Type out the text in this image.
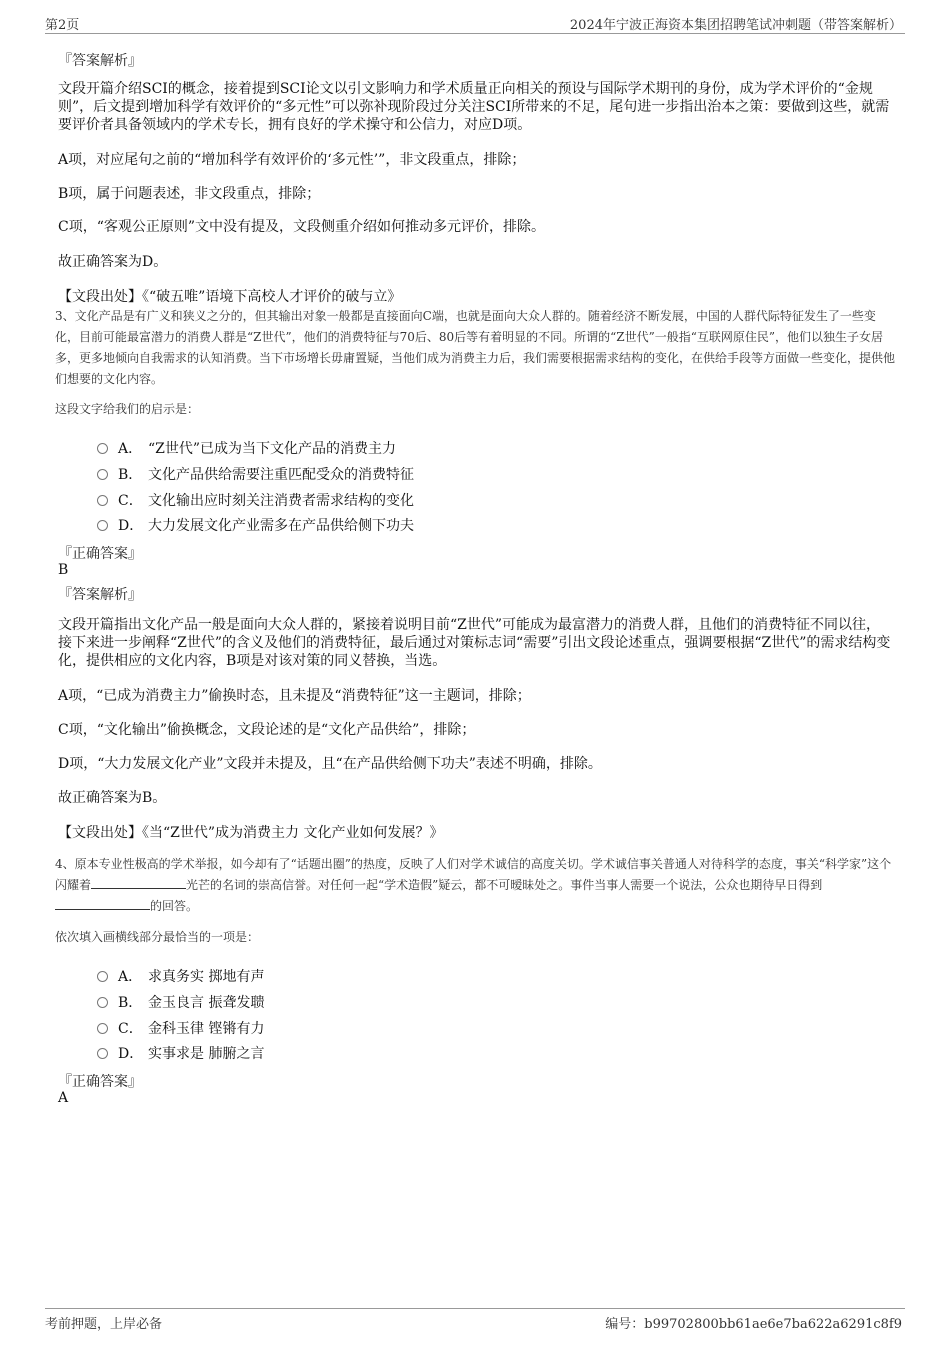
第2页	2024年宁波正海资本集团招聘笔试冲刺题（带答案解析）
『答案解析』
文段开篇介绍SCI的概念，接着提到SCI论文以引文影响力和学术质量正向相关的预设与国际学术期刊的身份，成为学术评价的“金规则”，后文提到增加科学有效评价的“多元性”可以弥补现阶段过分关注SCI所带来的不足，尾句进一步指出治本之策：要做到这些，就需要评价者具备领域内的学术专长，拥有良好的学术操守和公信力，对应D项。
A项，对应尾句之前的“增加科学有效评价的‘多元性’”，非文段重点，排除；
B项，属于问题表述，非文段重点，排除；
C项，“客观公正原则”文中没有提及，文段侧重介绍如何推动多元评价，排除。
故正确答案为D。
【文段出处】《“破五唯”语境下高校人才评价的破与立》
3、文化产品是有广义和狭义之分的，但其输出对象一般都是直接面向C端，也就是面向大众人群的。随着经济不断发展，中国的人群代际特征发生了一些变化，目前可能最富潜力的消费人群是“Z世代”，他们的消费特征与70后、80后等有着明显的不同。所谓的“Z世代”一般指“互联网原住民”，他们以独生子女居多，更多地倾向自我需求的认知消费。当下市场增长毋庸置疑，当他们成为消费主力后，我们需要根据需求结构的变化，在供给手段等方面做一些变化，提供他们想要的文化内容。
这段文字给我们的启示是：
A． “Z世代”已成为当下文化产品的消费主力
B． 文化产品供给需要注重匹配受众的消费特征
C． 文化输出应时刻关注消费者需求结构的变化
D． 大力发展文化产业需多在产品供给侧下功夫
『正确答案』
B
『答案解析』
文段开篇指出文化产品一般是面向大众人群的，紧接着说明目前“Z世代”可能成为最富潜力的消费人群，且他们的消费特征不同以往，接下来进一步阐释“Z世代”的含义及他们的消费特征，最后通过对策标志词“需要”引出文段论述重点，强调要根据“Z世代”的需求结构变化，提供相应的文化内容，B项是对该对策的同义替换，当选。
A项，“已成为消费主力”偷换时态，且未提及“消费特征”这一主题词，排除；
C项，“文化输出”偷换概念，文段论述的是“文化产品供给”，排除；
D项，“大力发展文化产业”文段并未提及，且“在产品供给侧下功夫”表述不明确，排除。
故正确答案为B。
【文段出处】《当“Z世代”成为消费主力 文化产业如何发展？》
4、原本专业性极高的学术举报，如今却有了“话题出圈”的热度，反映了人们对学术诚信的高度关切。学术诚信事关普通人对待科学的态度，事关“科学家”这个闪耀着	光芒的名词的崇高信誉。对任何一起“学术造假”疑云，都不可暧昧处之。事件当事人需要一个说法，公众也期待早日得到的回答。
依次填入画横线部分最恰当的一项是：
A． 求真务实 掷地有声
B． 金玉良言 振聋发聩
C． 金科玉律 铿锵有力
D． 实事求是 肺腑之言
『正确答案』
A
考前押题，上岸必备	编号：b99702800bb61ae6e7ba622a6291c8f9
